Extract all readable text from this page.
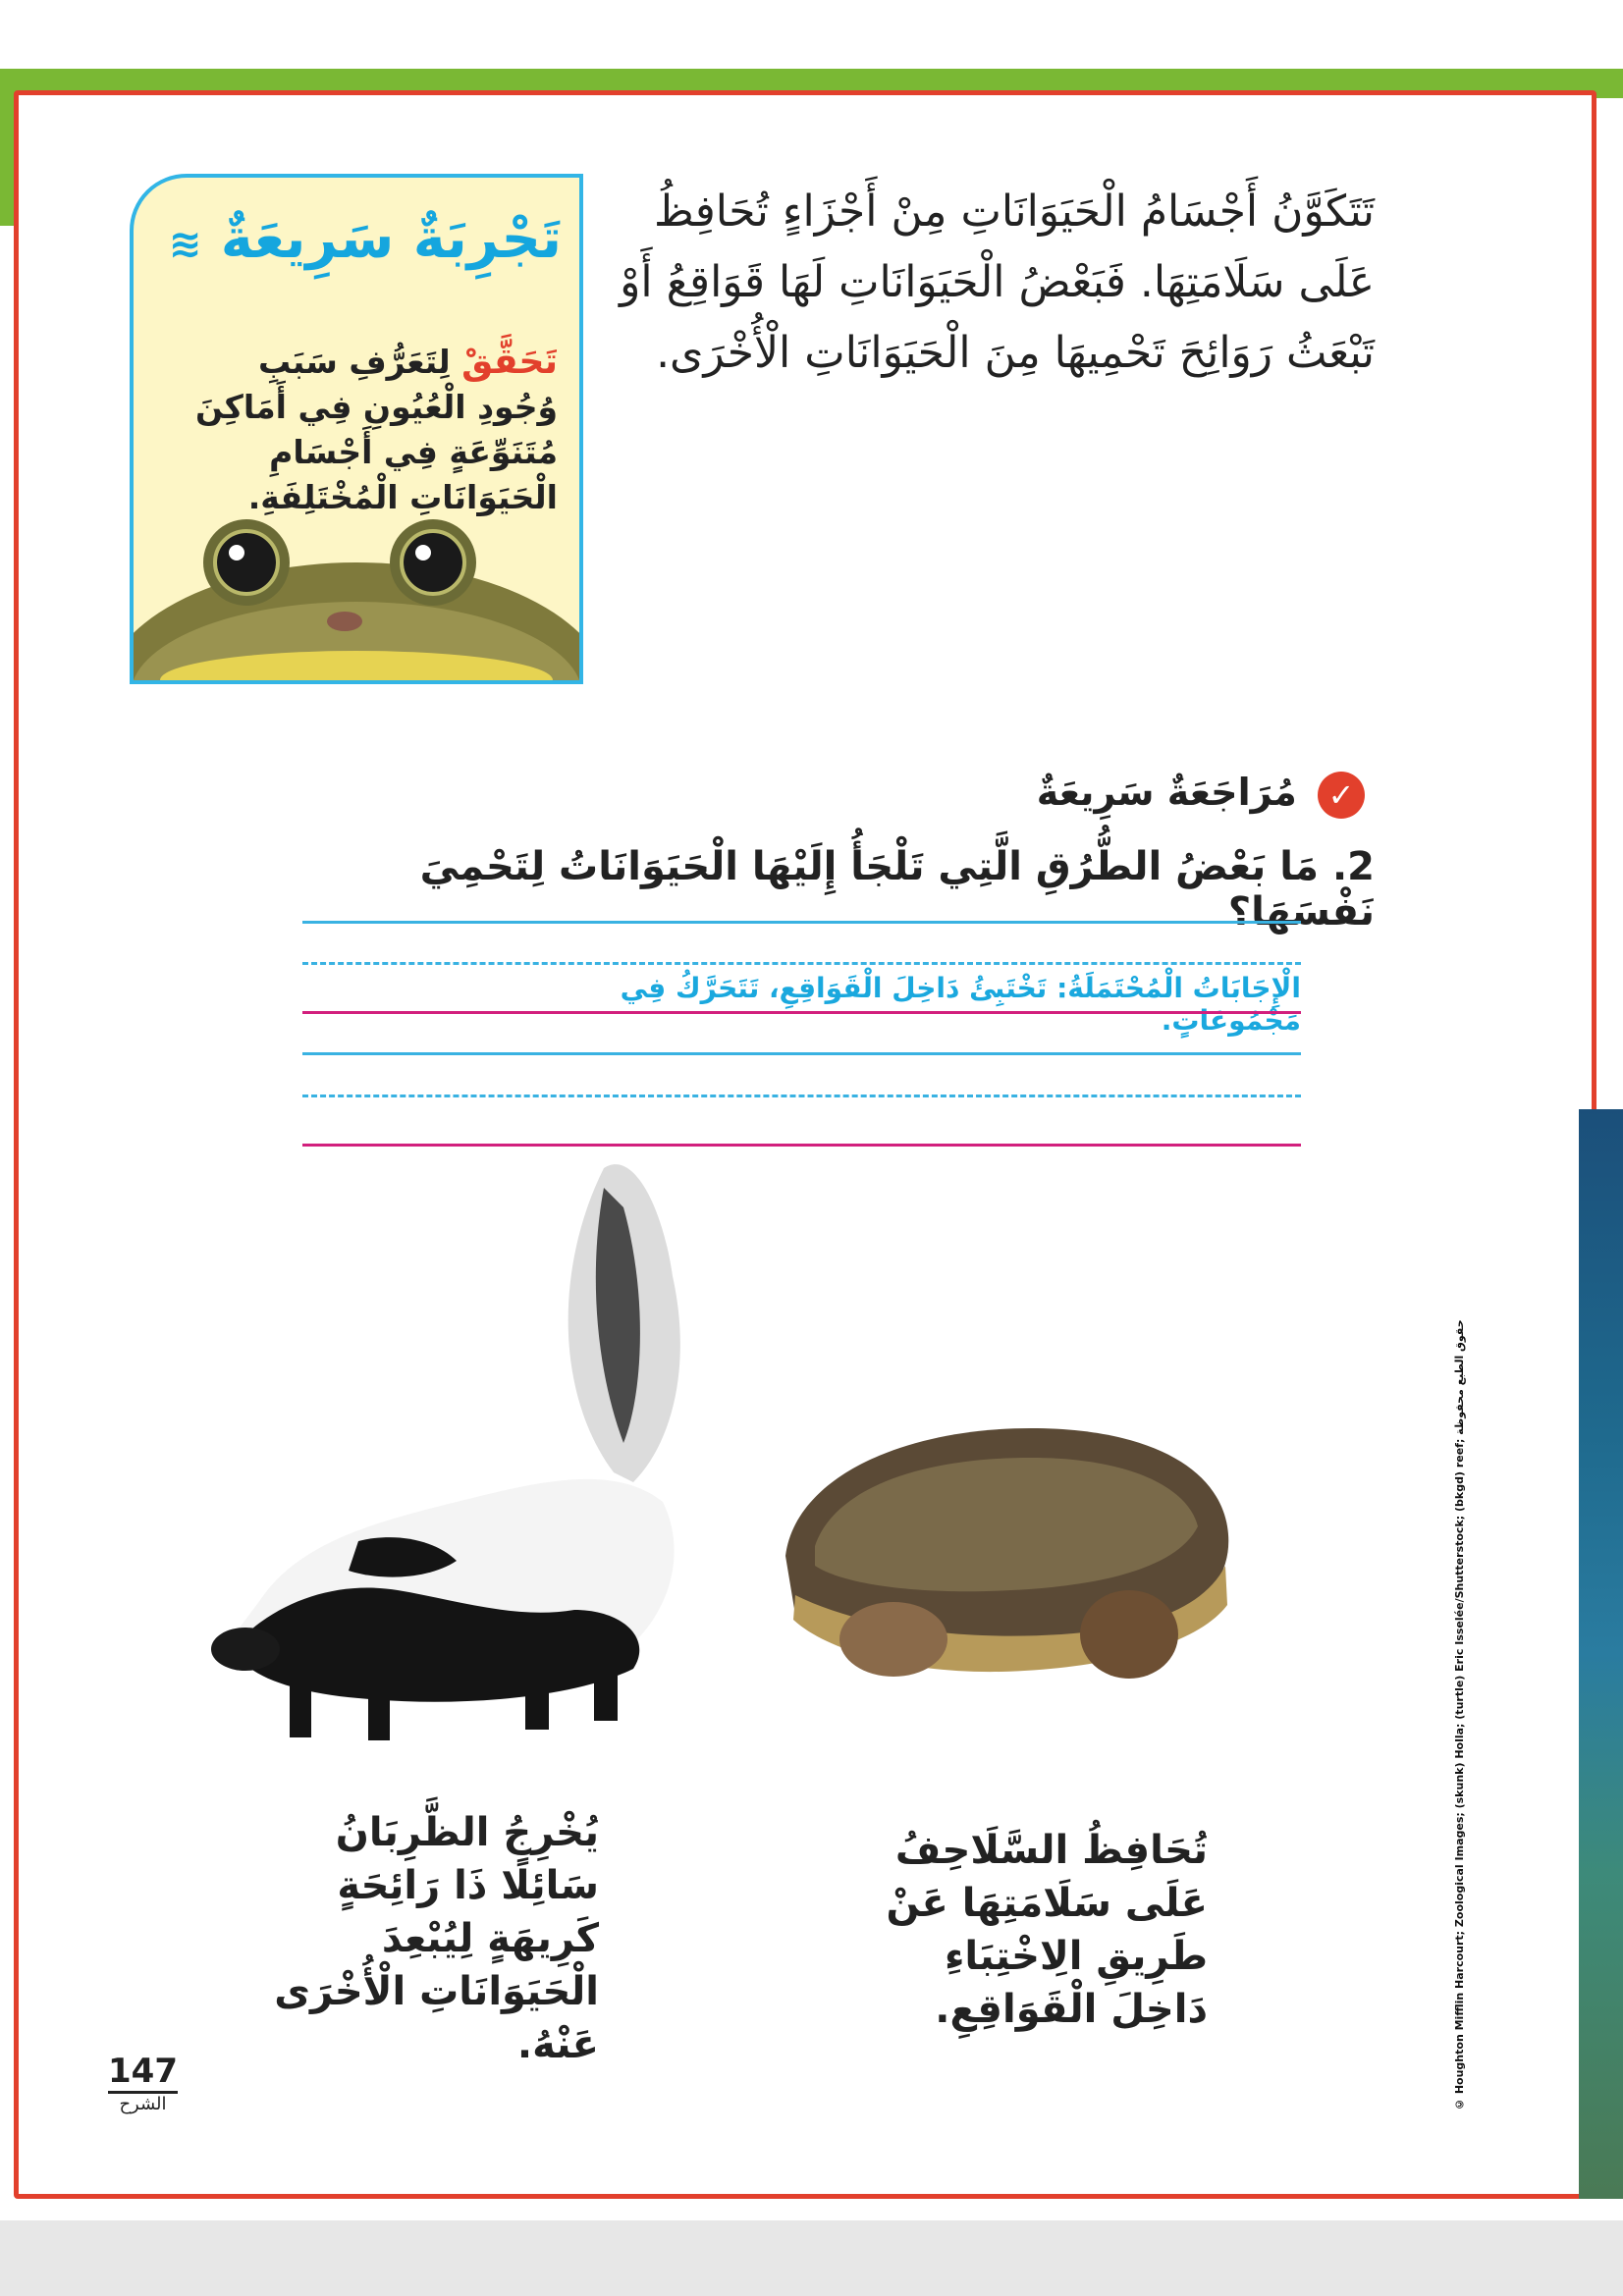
تَتَكَوَّنُ أَجْسَامُ الْحَيَوَانَاتِ مِنْ أَجْزَاءٍ تُحَافِظُ عَلَى سَلَامَتِهَا. فَبَعْضُ الْحَيَوَانَاتِ لَهَا قَوَاقِعُ أَوْ تَبْعَثُ رَوَائِحَ تَحْمِيهَا مِنَ الْحَيَوَانَاتِ الْأُخْرَى.
تَجْرِبَةٌ سَرِيعَةٌ ≋
تَحَقَّقْ لِتَعَرُّفِ سَبَبِ وُجُودِ الْعُيُونِ فِي أَمَاكِنَ مُتَنَوِّعَةٍ فِي أَجْسَامِ الْحَيَوَانَاتِ الْمُخْتَلِفَةِ.
✓ مُرَاجَعَةٌ سَرِيعَةٌ
2. مَا بَعْضُ الطُّرُقِ الَّتِي تَلْجَأُ إِلَيْهَا الْحَيَوَانَاتُ لِتَحْمِيَ نَفْسَهَا؟
الْإِجَابَاتُ الْمُحْتَمَلَةُ: تَخْتَبِئُ دَاخِلَ الْقَوَاقِعِ، تَتَحَرَّكُ فِي مَجْمُوعَاتٍ.
يُخْرِجُ الظَّرِبَانُ سَائِلًا ذَا رَائِحَةٍ كَرِيهَةٍ لِيُبْعِدَ الْحَيَوَانَاتِ الْأُخْرَى عَنْهُ.
تُحَافِظُ السَّلَاحِفُ عَلَى سَلَامَتِهَا عَنْ طَرِيقِ الِاخْتِبَاءِ دَاخِلَ الْقَوَاقِعِ.
147
الشرح	© Houghton Mifflin Harcourt; Zoological Images; (skunk) Holla; (turtle) Eric Isselée/Shutterstock; (bkgd) reef; حقوق الطبع محفوظة
